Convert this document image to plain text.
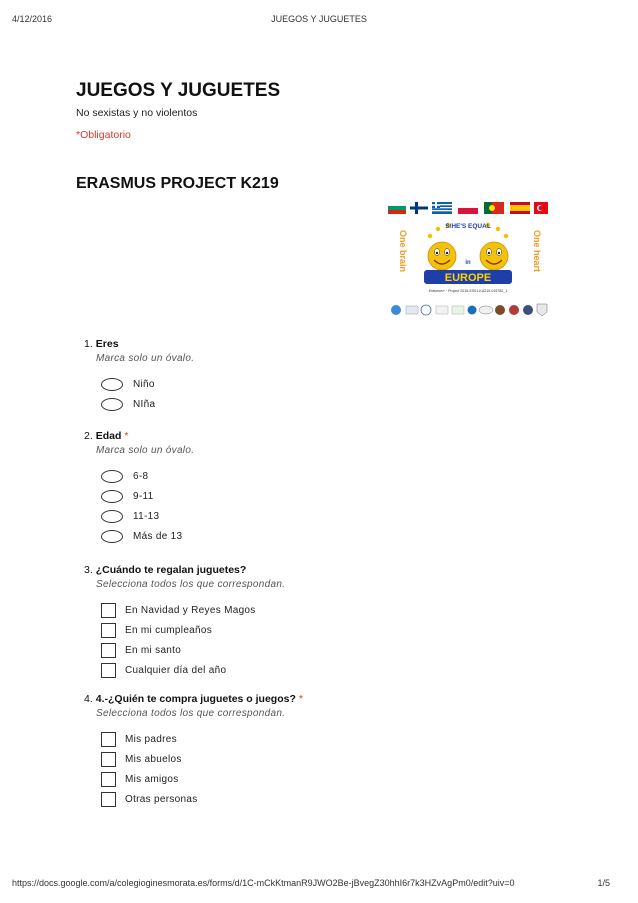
4/12/2016	JUEGOS Y JUGUETES
JUEGOS Y JUGUETES
No sexistas y no violentos
*Obligatorio
ERASMUS PROJECT K219
S/HE'S EQUAL
One brain	One heart
in
EUROPE
Erasmus+ · Project 2015-ES01-KA219-015782_1
1. Eres
Marca solo un óvalo.
Niño
NIña
2. Edad *
Marca solo un óvalo.
6-8
9-11
11-13
Más de 13
3. ¿Cuándo te regalan juguetes?
Selecciona todos los que correspondan.
En Navidad y Reyes Magos
En mi cumpleaños
En mi santo
Cualquier día del año
4. 4.-¿Quién te compra juguetes o juegos? *
Selecciona todos los que correspondan.
Mis padres
Mis abuelos
Mis amigos
Otras personas
https://docs.google.com/a/colegioginesmorata.es/forms/d/1C-mCkKtmanR9JWO2Be-jBvegZ30hhI6r7k3HZvAgPm0/edit?uiv=0	1/5
